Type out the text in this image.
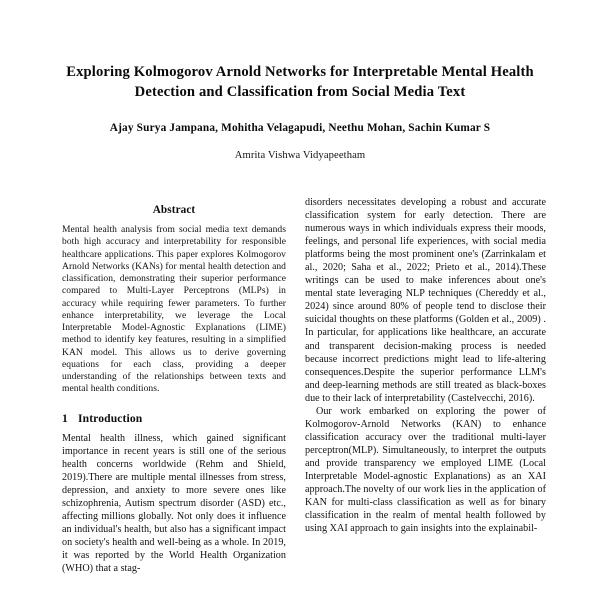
Exploring Kolmogorov Arnold Networks for Interpretable Mental Health Detection and Classification from Social Media Text
Ajay Surya Jampana, Mohitha Velagapudi, Neethu Mohan, Sachin Kumar S
Amrita Vishwa Vidyapeetham
Abstract

Mental health analysis from social media text demands both high accuracy and interpretability for responsible healthcare applications. This paper explores Kolmogorov Arnold Networks (KANs) for mental health detection and classification, demonstrating their superior performance compared to Multi-Layer Perceptrons (MLPs) in accuracy while requiring fewer parameters. To further enhance interpretability, we leverage the Local Interpretable Model-Agnostic Explanations (LIME) method to identify key features, resulting in a simplified KAN model. This allows us to derive governing equations for each class, providing a deeper understanding of the relationships between texts and mental health conditions.

1 Introduction

Mental health illness, which gained significant importance in recent years is still one of the serious health concerns worldwide (Rehm and Shield, 2019).There are multiple mental illnesses from stress, depression, and anxiety to more severe ones like schizophrenia, Autism spectrum disorder (ASD) etc., affecting millions globally. Not only does it influence an individual's health, but also has a significant impact on society's health and well-being as a whole. In 2019, it was reported by the World Health Organization (WHO) that a stag-

disorders necessitates developing a robust and accurate classification system for early detection. There are numerous ways in which individuals express their moods, feelings, and personal life experiences, with social media platforms being the most prominent one's (Zarrinkalam et al., 2020; Saha et al., 2022; Prieto et al., 2014).These writings can be used to make inferences about one's mental state leveraging NLP techniques (Chereddy et al., 2024) since around 80% of people tend to disclose their suicidal thoughts on these platforms (Golden et al., 2009) . In particular, for applications like healthcare, an accurate and transparent decision-making process is needed because incorrect predictions might lead to life-altering consequences.Despite the superior performance LLM's and deep-learning methods are still treated as black-boxes due to their lack of interpretability (Castelvecchi, 2016).

Our work embarked on exploring the power of Kolmogorov-Arnold Networks (KAN) to enhance classification accuracy over the traditional multi-layer perceptron(MLP). Simultaneously, to interpret the outputs and provide transparency we employed LIME (Local Interpretable Model-agnostic Explanations) as an XAI approach.The novelty of our work lies in the application of KAN for multi-class classification as well as for binary classification in the realm of mental health followed by using XAI approach to gain insights into the explainabil-
